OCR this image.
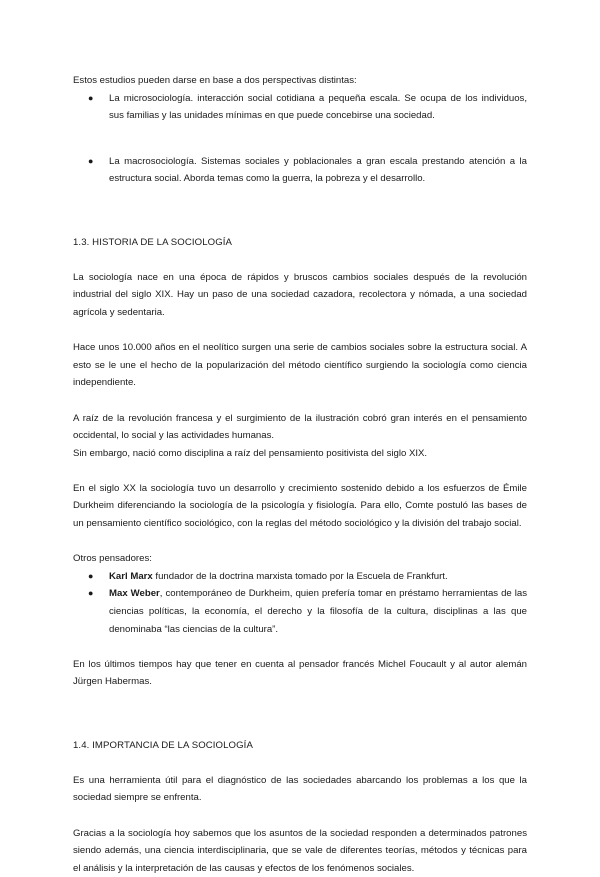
Estos estudios pueden darse en base a dos perspectivas distintas:

● La microsociología. interacción social cotidiana a pequeña escala. Se ocupa de los individuos, sus familias y las unidades mínimas en que puede concebirse una sociedad.
● La macrosociología. Sistemas sociales y poblacionales a gran escala prestando atención a la estructura social. Aborda temas como la guerra, la pobreza y el desarrollo.

1.3. HISTORIA DE LA SOCIOLOGÍA

La sociología nace en una época de rápidos y bruscos cambios sociales después de la revolución industrial del siglo XIX. Hay un paso de una sociedad cazadora, recolectora y nómada, a una sociedad agrícola y sedentaria.

Hace unos 10.000 años en el neolítico surgen una serie de cambios sociales sobre la estructura social. A esto se le une el hecho de la popularización del método científico surgiendo la sociología como ciencia independiente.

A raíz de la revolución francesa y el surgimiento de la ilustración cobró gran interés en el pensamiento occidental, lo social y las actividades humanas.

Sin embargo, nació como disciplina a raíz del pensamiento positivista del siglo XIX.

En el siglo XX la sociología tuvo un desarrollo y crecimiento sostenido debido a los esfuerzos de Émile Durkheim diferenciando la sociología de la psicología y fisiología. Para ello, Comte postuló las bases de un pensamiento científico sociológico, con la reglas del método sociológico y la división del trabajo social.

Otros pensadores:

● Karl Marx fundador de la doctrina marxista tomado por la Escuela de Frankfurt.
● Max Weber, contemporáneo de Durkheim, quien prefería tomar en préstamo herramientas de las ciencias políticas, la economía, el derecho y la filosofía de la cultura, disciplinas a las que denominaba “las ciencias de la cultura”.

En los últimos tiempos hay que tener en cuenta al pensador francés Michel Foucault y al autor alemán Jürgen Habermas.

1.4. IMPORTANCIA DE LA SOCIOLOGÍA

Es una herramienta útil para el diagnóstico de las sociedades abarcando los problemas a los que la sociedad siempre se enfrenta.

Gracias a la sociología hoy sabemos que los asuntos de la sociedad responden a determinados patrones siendo además, una ciencia interdisciplinaria, que se vale de diferentes teorías, métodos y técnicas para el análisis y la interpretación de las causas y efectos de los fenómenos sociales.
